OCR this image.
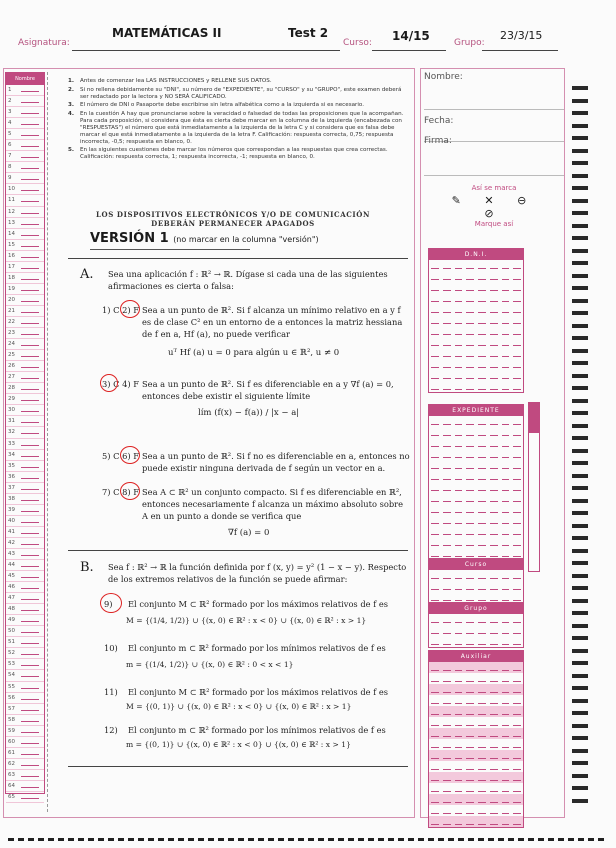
Asignatura:
MATEMÁTICAS II	Test 2
Curso: 14/15	Grupo:
23/3/15
Nombre
1
2
3
4
5
6
7
8
9
10
11
12
13
14
15
16
17
18
19
20
21
22
23
24
25
26
27
28
29
30
31
32
33
34
35
36
37
38
39
40
41
42
43
44
45
46
47
48
49
50
51
52
53
54
55
56
57
58
59
60
61
62
63
64
65
1. Antes de comenzar lea LAS INSTRUCCIONES y RELLENE SUS DATOS.
2. Si no rellena debidamente su "DNI", su número de "EXPEDIENTE", su "CURSO" y su "GRUPO", este examen deberá ser redactado por la lectora y NO SERÁ CALIFICADO.
3. El número de DNI o Pasaporte debe escribirse sin letra alfabética como a la izquierda si es necesario.
4. En la cuestión A hay que pronunciarse sobre la veracidad o falsedad de todas las proposiciones que la acompañan. Para cada proposición, si considera que ésta es cierta debe marcar en la columna de la izquierda (encabezada con "RESPUESTAS") el número que está inmediatamente a la izquierda de la letra C y si considera que es falsa debe marcar el que está inmediatamente a la izquierda de la letra F. Calificación: respuesta correcta, 0,75; respuesta incorrecta, -0,5; respuesta en blanco, 0.
5. En las siguientes cuestiones debe marcar los números que correspondan a las respuestas que crea correctas. Calificación: respuesta correcta, 1; respuesta incorrecta, -1; respuesta en blanco, 0.
LOS DISPOSITIVOS ELECTRÓNICOS Y/O DE COMUNICACIÓN DEBERÁN PERMANECER APAGADOS
VERSIÓN 1 (no marcar en la columna "versión")
A. Sea una aplicación f : ℝ² → ℝ. Dígase si cada una de las siguientes afirmaciones es cierta o falsa:
1) C 2) F Sea a un punto de ℝ². Si f alcanza un mínimo relativo en a y f es de clase C² en un entorno de a entonces la matriz hessiana de f en a, Hf (a), no puede verificar
uᵀ Hf (a) u = 0 para algún u ∈ ℝ², u ≠ 0
3) C 4) F Sea a un punto de ℝ². Si f es diferenciable en a y ∇f (a) = 0, entonces debe existir el siguiente límite
lím (f(x) − f(a)) / |x − a|
5) C 6) F Sea a un punto de ℝ². Si f no es diferenciable en a, entonces no puede existir ninguna derivada de f según un vector en a.
7) C 8) F Sea A ⊂ ℝ² un conjunto compacto. Si f es diferenciable en ℝ², entonces necesariamente f alcanza un máximo absoluto sobre A en un punto a donde se verifica que
∇f (a) = 0
B. Sea f : ℝ² → ℝ la función definida por f (x, y) = y² (1 − x − y). Respecto de los extremos relativos de la función se puede afirmar:
9) El conjunto M ⊂ ℝ² formado por los máximos relativos de f es
M = {(1/4, 1/2)} ∪ {(x, 0) ∈ ℝ² : x < 0} ∪ {(x, 0) ∈ ℝ² : x > 1}
10) El conjunto m ⊂ ℝ² formado por los mínimos relativos de f es
m = {(1/4, 1/2)} ∪ {(x, 0) ∈ ℝ² : 0 < x < 1}
11) El conjunto M ⊂ ℝ² formado por los máximos relativos de f es
M = {(0, 1)} ∪ {(x, 0) ∈ ℝ² : x < 0} ∪ {(x, 0) ∈ ℝ² : x > 1}
12) El conjunto m ⊂ ℝ² formado por los mínimos relativos de f es
m = {(0, 1)} ∪ {(x, 0) ∈ ℝ² : x < 0} ∪ {(x, 0) ∈ ℝ² : x > 1}
Nombre:
Fecha:
Firma:
Así se marca
✎ ✕ ⊖ ⊘
Marque así
D.N.I.
EXPEDIENTE
Curso
Grupo
Auxiliar
